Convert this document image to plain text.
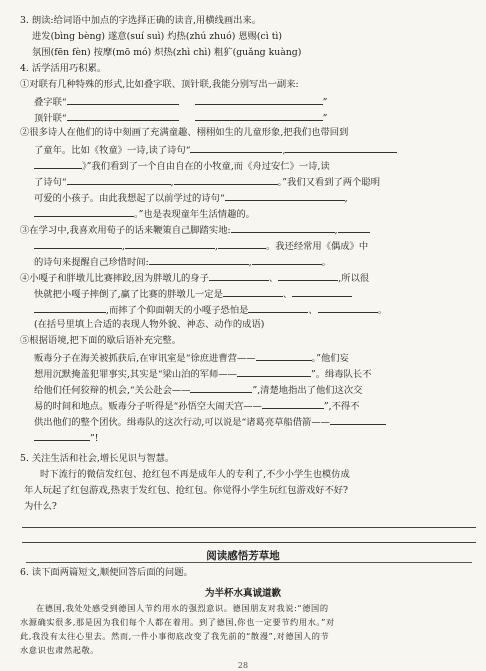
3. 朗读:给词语中加点的字选择正确的读音,用横线画出来。
进发(bìng bèng) 遂意(suí suì) 灼热(zhú zhuó) 恩赐(cì tì)
氛围(fēn fèn) 按摩(mō mó) 炽热(zhì chì) 粗犷(guǎng kuàng)
4. 活学活用巧积累。
①对联有几种特殊的形式,比如叠字联、顶针联,我能分别写出一副来:
叠字联“	”
顶针联“	”
②很多诗人在他们的诗中刻画了充满童趣、栩栩如生的儿童形象,把我们也带回到
了童年。比如《牧童》一诗,读了诗句“	,
》”我们看到了一个自由自在的小牧童,而《舟过安仁》一诗,读
了诗句“	,	。”我们又看到了两个聪明
可爱的小孩子。由此我想起了以前学过的诗句“	,
。”也是表现童年生活情趣的。
③在学习中,我喜欢用荀子的话来鞭策自己脚踏实地:	,
,	,	。我还经常用《偶成》中
的诗句来提醒自己珍惜时间:	,	。
④小嘎子和胖墩儿比赛摔跤,因为胖墩儿的身子	、	,所以很
快就把小嘎子摔倒了,赢了比赛的胖墩儿一定是	、
,而摔了个仰面朝天的小嘎子恐怕是	、	。
(在括号里填上合适的表现人物外貌、神态、动作的成语)
⑤根据语境,把下面的歇后语补充完整。
贩毒分子在海关被抓获后,在审讯室是“徐庶进曹营——	。”他们妄
想用沉默掩盖犯罪事实,其实是“梁山泊的军师——	”。缉毒队长不
给他们任何狡辩的机会,“关公赴会——	”,清楚地指出了他们这次交
易的时间和地点。贩毒分子听得是“孙悟空大闹天宫——	”,不得不
供出他们的整个团伙。缉毒队的这次行动,可以说是“诸葛亮草船借箭——
”!
5. 关注生活和社会,增长见识与智慧。
时下流行的微信发红包、抢红包不再是成年人的专利了,不少小学生也模仿成
年人玩起了红包游戏,热衷于发红包、抢红包。你觉得小学生玩红包游戏好不好?
为什么?
阅读感悟芳草地
6. 读下面两篇短文,顺便回答后面的问题。
为半杯水真诚道歉
在德国,我处处感受到德国人节约用水的强烈意识。德国朋友对我说:“德国的
水源确实很多,那是因为我们每个人都在着用。到了德国,你也一定要节约用水。”对
此,我没有太往心里去。然而,一件小事彻底改变了我先前的“散漫”,对德国人的节
水意识也肃然起敬。
28
